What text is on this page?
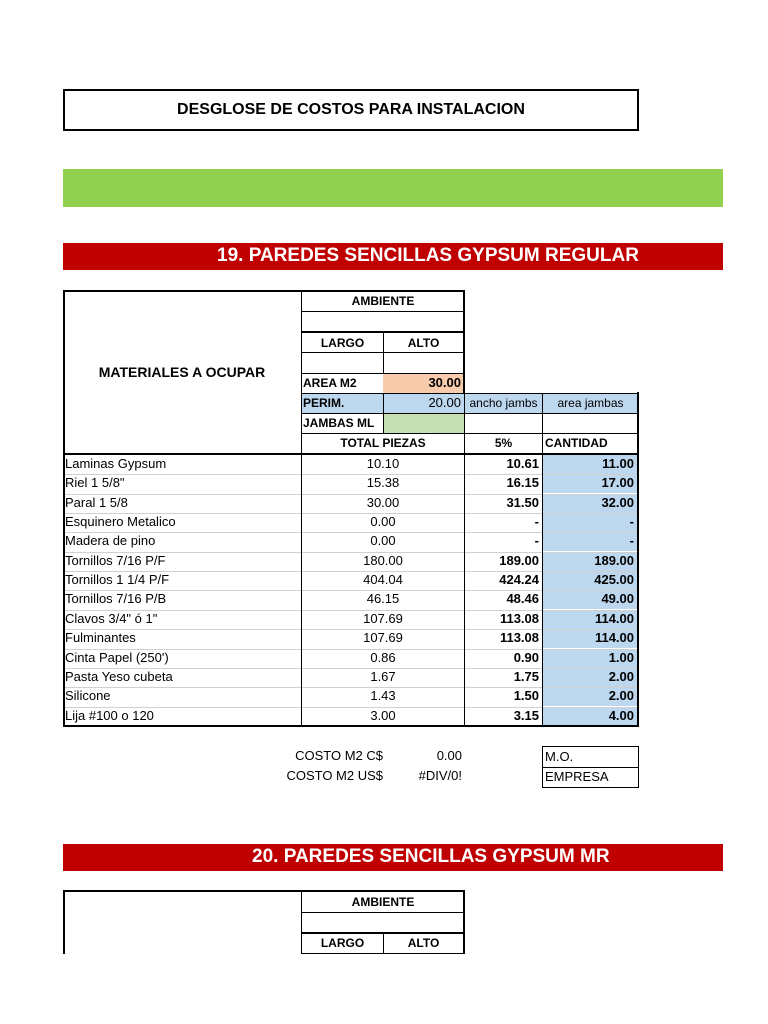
DESGLOSE DE COSTOS PARA INSTALACION
19. PAREDES SENCILLAS GYPSUM REGULAR
MATERIALES A OCUPAR
AMBIENTE
LARGO	ALTO
AREA M2	30.00
PERIM.	20.00 ancho jambs	area jambas
JAMBAS ML
TOTAL PIEZAS	5%	CANTIDAD
Laminas Gypsum	10.10	10.61	11.00
Riel 1 5/8"	15.38	16.15	17.00
Paral 1 5/8	30.00	31.50	32.00
Esquinero Metalico	0.00	-	-
Madera de pino	0.00	-	-
Tornillos 7/16 P/F	180.00	189.00	189.00
Tornillos 1 1/4 P/F	404.04	424.24	425.00
Tornillos 7/16 P/B	46.15	48.46	49.00
Clavos 3/4" ó 1"	107.69	113.08	114.00
Fulminantes	107.69	113.08	114.00
Cinta Papel (250')	0.86	0.90	1.00
Pasta Yeso cubeta	1.67	1.75	2.00
Silicone	1.43	1.50	2.00
Lija #100 o 120	3.00	3.15	4.00
COSTO M2 C$	0.00
COSTO M2 US$	#DIV/0!
M.O.
EMPRESA
20. PAREDES SENCILLAS GYPSUM MR
AMBIENTE
LARGO	ALTO
